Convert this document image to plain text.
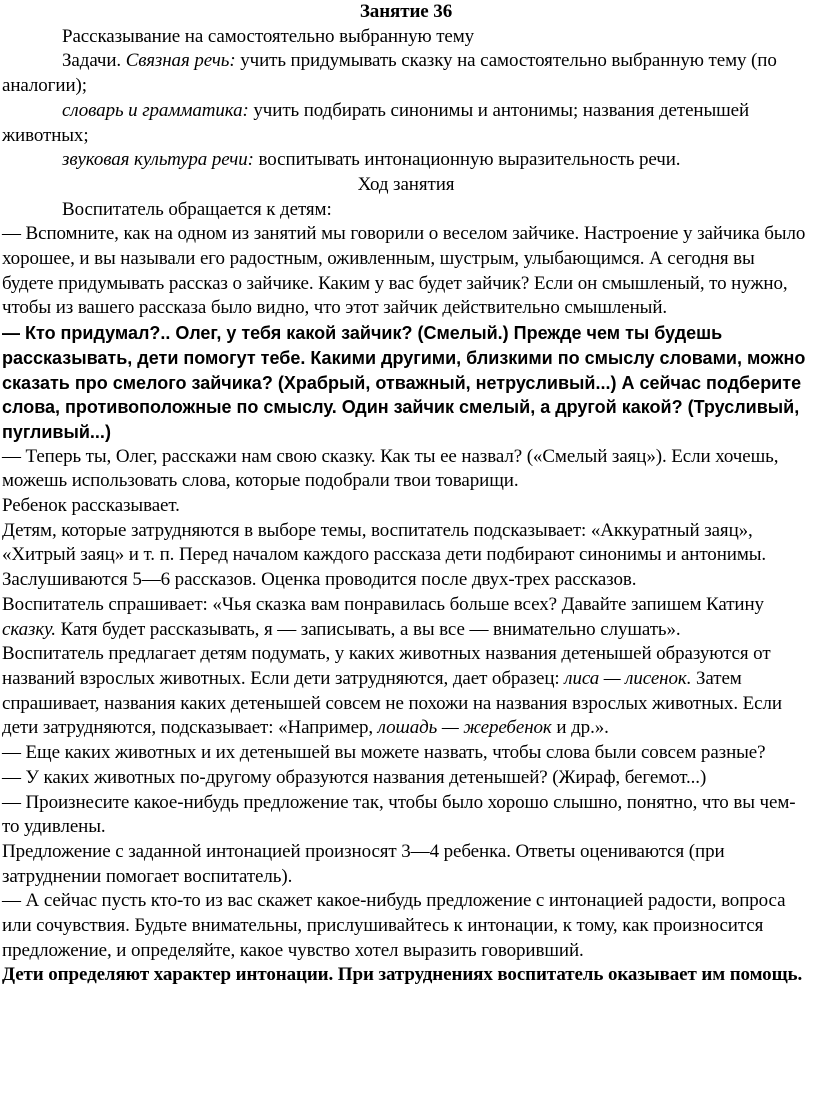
Занятие 36

Рассказывание на самостоятельно выбранную тему

Задачи. Связная речь: учить придумывать сказку на самостоятельно выбранную тему (по аналогии);

словарь и грамматика: учить подбирать синонимы и антонимы; названия детенышей животных;

звуковая культура речи: воспитывать интонационную выразительность речи.

Ход занятия

Воспитатель обращается к детям:

— Вспомните, как на одном из занятий мы говорили о веселом зайчике. Настроение у зайчика было хорошее, и вы называли его радостным, оживленным, шустрым, улыбающимся. А сегодня вы будете придумывать рассказ о зайчике. Каким у вас будет зайчик? Если он смышленый, то нужно, чтобы из вашего рассказа было видно, что этот зайчик действительно смышленый.

— Кто придумал?.. Олег, у тебя какой зайчик? (Смелый.) Прежде чем ты будешь рассказывать, дети помогут тебе. Какими другими, близкими по смыслу словами, можно сказать про смелого зайчика? (Храбрый, отважный, нетрусливый...) А сейчас подберите слова, противоположные по смыслу. Один зайчик смелый, а другой какой? (Трусливый, пугливый...)

— Теперь ты, Олег, расскажи нам свою сказку. Как ты ее назвал? («Смелый заяц»). Если хочешь, можешь использовать слова, которые подобрали твои товарищи.

Ребенок рассказывает.

Детям, которые затрудняются в выборе темы, воспитатель подсказывает: «Аккуратный заяц», «Хитрый заяц» и т. п. Перед началом каждого рассказа дети подбирают синонимы и антонимы.

Заслушиваются 5—6 рассказов. Оценка проводится после двух-трех рассказов.

Воспитатель спрашивает: «Чья сказка вам понравилась больше всех? Давайте запишем Катину сказку. Катя будет рассказывать, я — записывать, а вы все — внимательно слушать».

Воспитатель предлагает детям подумать, у каких животных названия детенышей образуются от названий взрослых животных. Если дети затрудняются, дает образец: лиса — лисенок. Затем спрашивает, названия каких детенышей совсем не похожи на названия взрослых животных. Если дети затрудняются, подсказывает: «Например, лошадь — жеребенок и др.».

— Еще каких животных и их детенышей вы можете назвать, чтобы слова были совсем разные?

— У каких животных по-другому образуются названия детенышей? (Жираф, бегемот...)

— Произнесите какое-нибудь предложение так, чтобы было хорошо слышно, понятно, что вы чем-то удивлены.

Предложение с заданной интонацией произносят 3—4 ребенка. Ответы оцениваются (при затруднении помогает воспитатель).

— А сейчас пусть кто-то из вас скажет какое-нибудь предложение с интонацией радости, вопроса или сочувствия. Будьте внимательны, прислушивайтесь к интонации, к тому, как произносится предложение, и определяйте, какое чувство хотел выразить говоривший.

Дети определяют характер интонации. При затруднениях воспитатель оказывает им помощь.
